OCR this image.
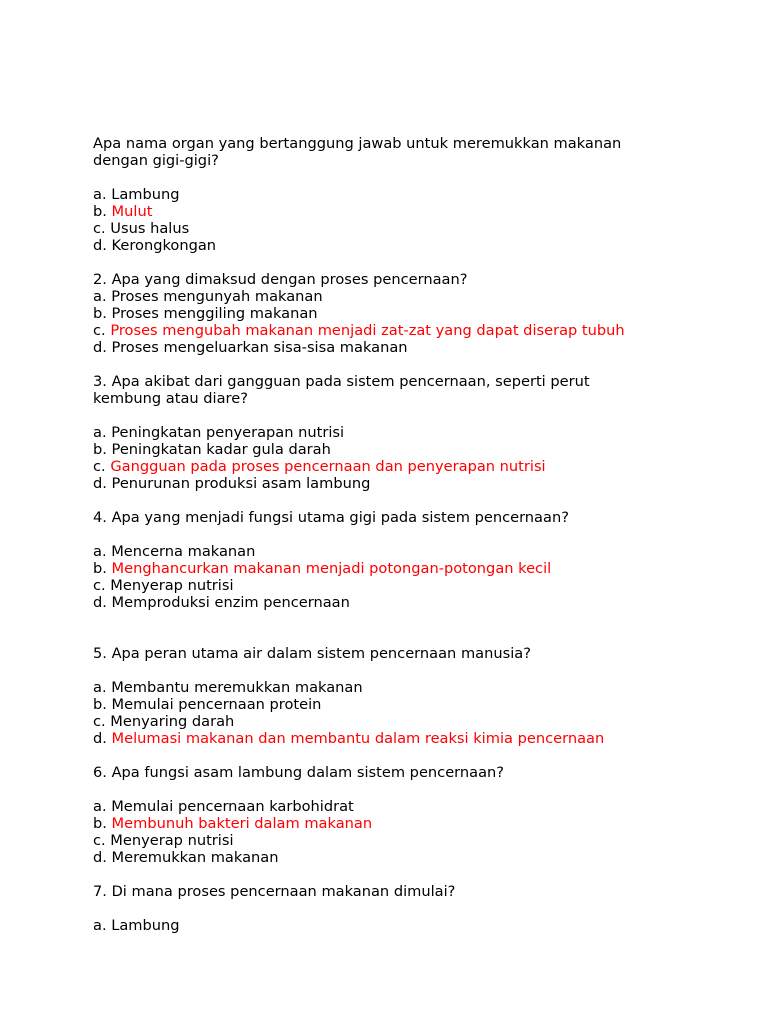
Apa nama organ yang bertanggung jawab untuk meremukkan makanan
dengan gigi-gigi?
a. Lambung
b. Mulut
c. Usus halus
d. Kerongkongan
2. Apa yang dimaksud dengan proses pencernaan?
a. Proses mengunyah makanan
b. Proses menggiling makanan
c. Proses mengubah makanan menjadi zat-zat yang dapat diserap tubuh
d. Proses mengeluarkan sisa-sisa makanan
3. Apa akibat dari gangguan pada sistem pencernaan, seperti perut
kembung atau diare?
a. Peningkatan penyerapan nutrisi
b. Peningkatan kadar gula darah
c. Gangguan pada proses pencernaan dan penyerapan nutrisi
d. Penurunan produksi asam lambung
4. Apa yang menjadi fungsi utama gigi pada sistem pencernaan?
a. Mencerna makanan
b. Menghancurkan makanan menjadi potongan-potongan kecil
c. Menyerap nutrisi
d. Memproduksi enzim pencernaan
5. Apa peran utama air dalam sistem pencernaan manusia?
a. Membantu meremukkan makanan
b. Memulai pencernaan protein
c. Menyaring darah
d. Melumasi makanan dan membantu dalam reaksi kimia pencernaan
6. Apa fungsi asam lambung dalam sistem pencernaan?
a. Memulai pencernaan karbohidrat
b. Membunuh bakteri dalam makanan
c. Menyerap nutrisi
d. Meremukkan makanan
7. Di mana proses pencernaan makanan dimulai?
a. Lambung
